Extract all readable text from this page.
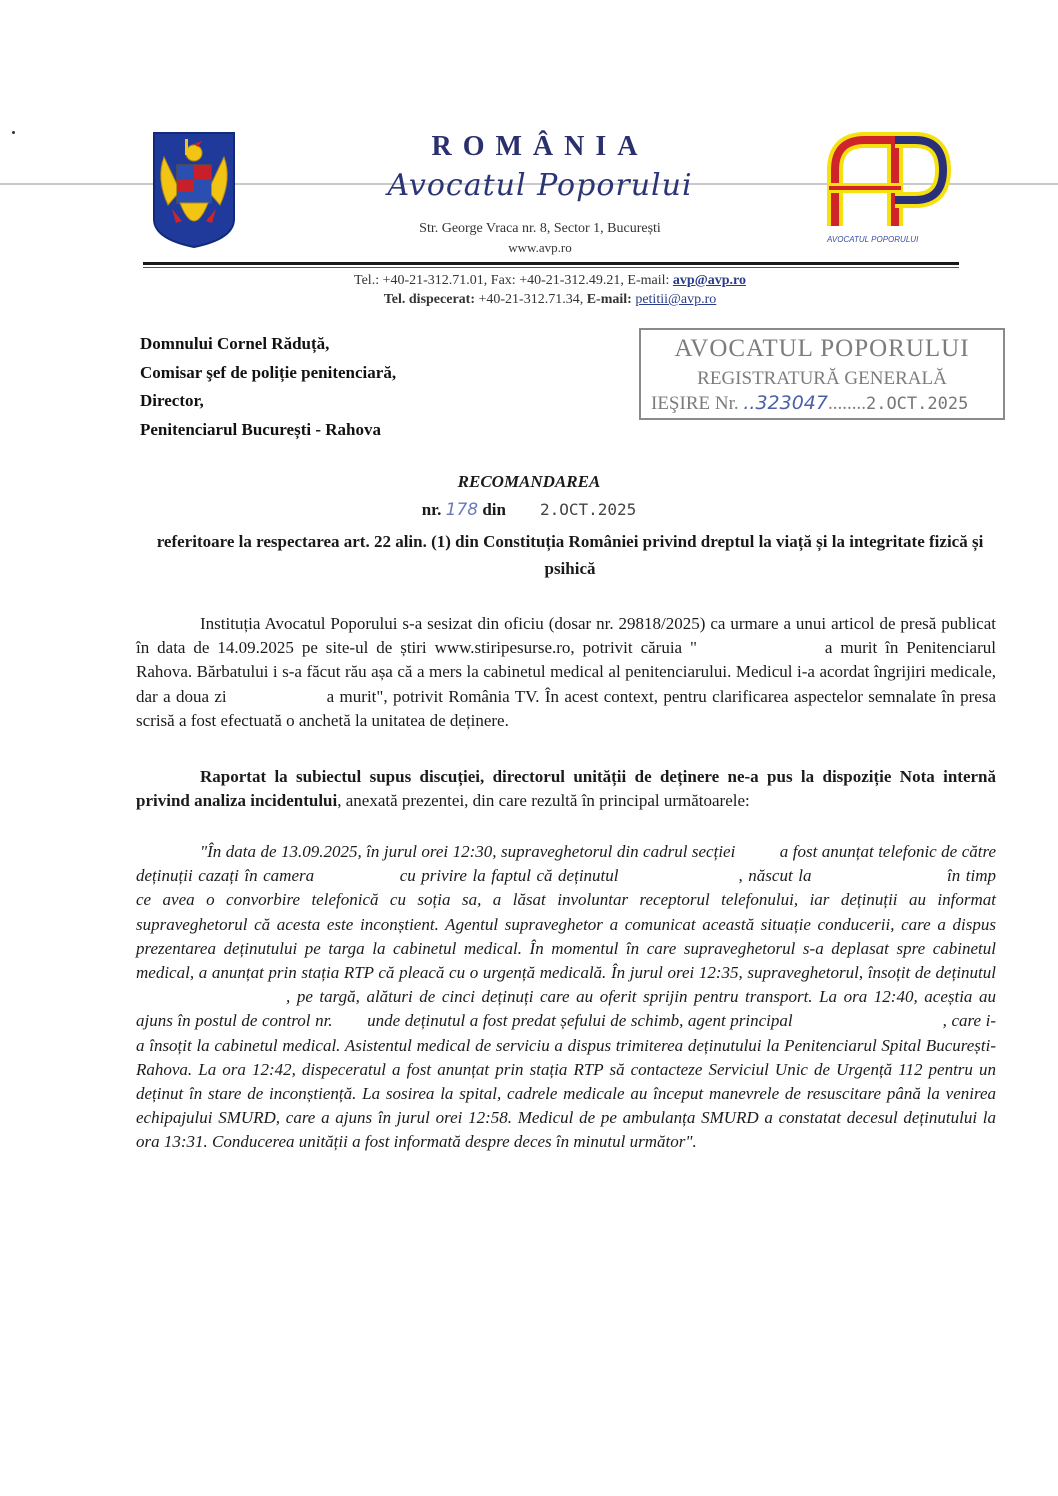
ROMÂNIA
Avocatul Poporului
Str. George Vraca nr. 8, Sector 1, București
www.avp.ro
AVOCATUL POPORULUI
Tel.: +40-21-312.71.01, Fax: +40-21-312.49.21, E-mail: avp@avp.ro
Tel. dispecerat: +40-21-312.71.34, E-mail: petitii@avp.ro
Domnului Cornel Răduță,
Comisar şef de poliție penitenciară,
Director,
Penitenciarul București - Rahova
AVOCATUL POPORULUI
REGISTRATURĂ GENERALĂ
IEŞIRE Nr. ..323047........2.OCT.2025
RECOMANDAREA
nr. 178 din 2.OCT.2025
referitoare la respectarea art. 22 alin. (1) din Constituția României privind dreptul la viață și la integritate fizică și psihică
Instituția Avocatul Poporului s-a sesizat din oficiu (dosar nr. 29818/2025) ca urmare a unui articol de presă publicat în data de 14.09.2025 pe site-ul de știri www.stiripesurse.ro, potrivit căruia "	a murit în Penitenciarul Rahova. Bărbatului i s-a făcut rău așa că a mers la cabinetul medical al penitenciarului. Medicul i-a acordat îngrijiri medicale, dar a doua zi	a murit", potrivit România TV. În acest context, pentru clarificarea aspectelor semnalate în presa scrisă a fost efectuată o anchetă la unitatea de deținere.
Raportat la subiectul supus discuției, directorul unității de deținere ne-a pus la dispoziție Nota internă privind analiza incidentului, anexată prezentei, din care rezultă în principal următoarele:
"În data de 13.09.2025, în jurul orei 12:30, supraveghetorul din cadrul secției	a fost anunțat telefonic de către deținuții cazați în camera	cu privire la faptul că deținutul	, născut la	în timp ce avea o convorbire telefonică cu soția sa, a lăsat involuntar receptorul telefonului, iar deținuții au informat supraveghetorul că acesta este inconștient. Agentul supraveghetor a comunicat această situație conducerii, care a dispus prezentarea deținutului pe targa la cabinetul medical. În momentul în care supraveghetorul s-a deplasat spre cabinetul medical, a anunțat prin stația RTP că pleacă cu o urgență medicală. În jurul orei 12:35, supraveghetorul, însoțit de deținutul, pe targă, alături de cinci deținuți care au oferit sprijin pentru transport. La ora 12:40, aceștia au ajuns în postul de control nr. unde deținutul a fost predat șefului de schimb, agent principal	, care i-a însoțit la cabinetul medical. Asistentul medical de serviciu a dispus trimiterea deținutului la Penitenciarul Spital București-Rahova. La ora 12:42, dispeceratul a fost anunțat prin stația RTP să contacteze Serviciul Unic de Urgență 112 pentru un deținut în stare de inconștiență. La sosirea la spital, cadrele medicale au început manevrele de resuscitare până la venirea echipajului SMURD, care a ajuns în jurul orei 12:58. Medicul de pe ambulanța SMURD a constatat decesul deținutului la ora 13:31. Conducerea unității a fost informată despre deces în minutul următor".
